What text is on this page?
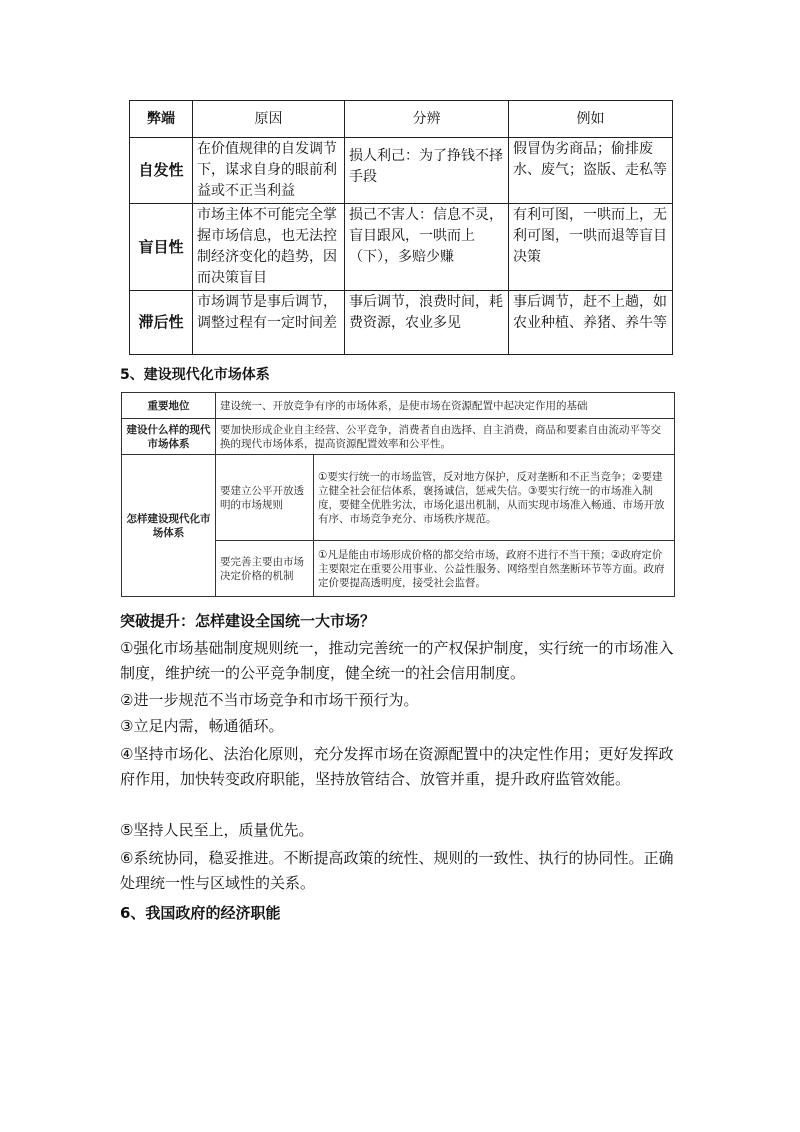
弊端	原因	分辨	例如
自发性	在价值规律的自发调节下，谋求自身的眼前利益或不正当利益	损人利己：为了挣钱不择手段	假冒伪劣商品；偷排废水、废气；盗版、走私等
盲目性	市场主体不可能完全掌握市场信息，也无法控制经济变化的趋势，因而决策盲目	损己不害人：信息不灵，盲目跟风，一哄而上（下），多赔少赚	有利可图，一哄而上，无利可图，一哄而退等盲目决策
滞后性	市场调节是事后调节，调整过程有一定时间差	事后调节，浪费时间，耗费资源，农业多见	事后调节，赶不上趟，如农业种植、养猪、养牛等
5、建设现代化市场体系
重要地位	建设统一、开放竞争有序的市场体系，是使市场在资源配置中起决定作用的基础	
建设什么样的现代市场体系	要加快形成企业自主经营、公平竞争，消费者自由选择、自主消费，商品和要素自由流动平等交换的现代市场体系，提高资源配置效率和公平性。	
怎样建设现代化市场体系	要建立公平开放透明的市场规则	①要实行统一的市场监管，反对地方保护，反对垄断和不正当竞争；②要建立健全社会征信体系，褒扬诚信，惩戒失信。③要实行统一的市场准入制度，要健全优胜劣汰，市场化退出机制，从而实现市场准入畅通、市场开放有序、市场竞争充分、市场秩序规范。
	要完善主要由市场决定价格的机制	①凡是能由市场形成价格的都交给市场，政府不进行不当干预；②政府定价主要限定在重要公用事业、公益性服务、网络型自然垄断环节等方面。政府定价要提高透明度，接受社会监督。
突破提升：怎样建设全国统一大市场？
①强化市场基础制度规则统一，推动完善统一的产权保护制度，实行统一的市场准入制度，维护统一的公平竞争制度，健全统一的社会信用制度。
②进一步规范不当市场竞争和市场干预行为。
③立足内需，畅通循环。
④坚持市场化、法治化原则，充分发挥市场在资源配置中的决定性作用；更好发挥政府作用，加快转变政府职能，坚持放管结合、放管并重，提升政府监管效能。
⑤坚持人民至上，质量优先。
⑥系统协同，稳妥推进。不断提高政策的统性、规则的一致性、执行的协同性。正确处理统一性与区域性的关系。
6、我国政府的经济职能
